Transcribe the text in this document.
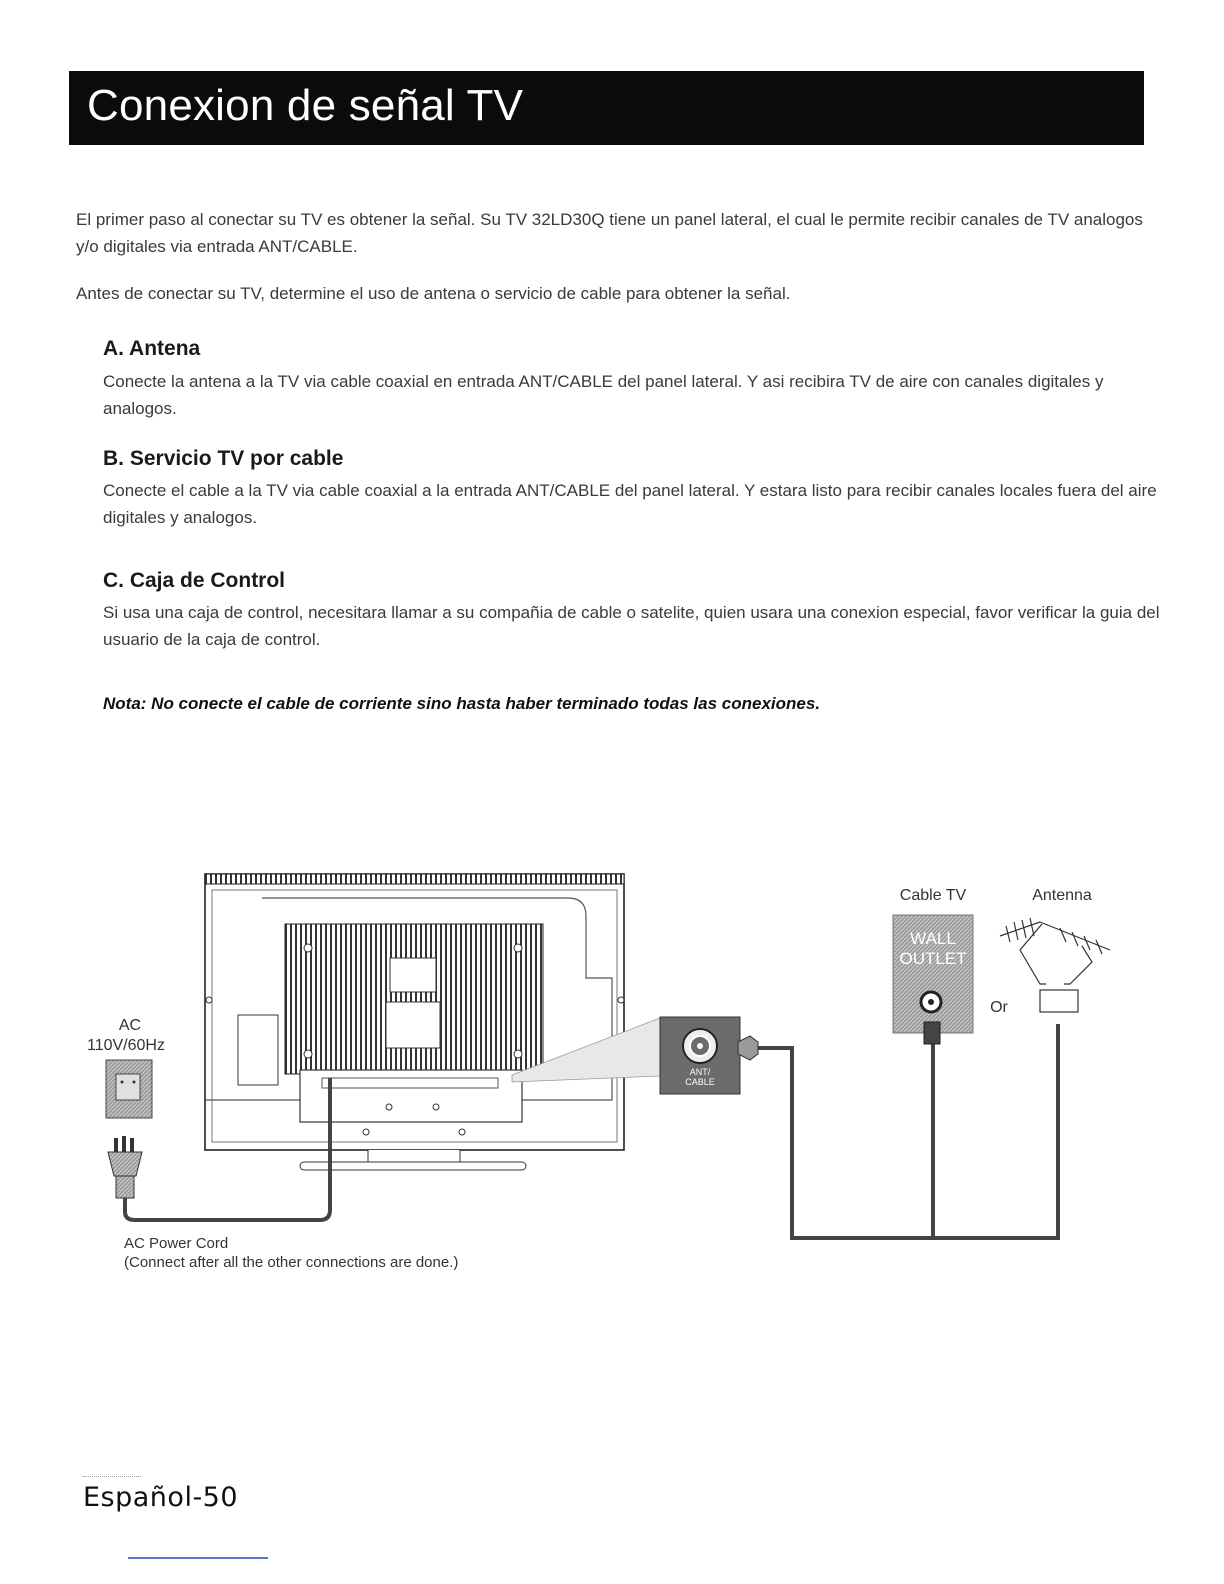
Conexion de señal TV

El primer paso al conectar su TV es obtener la señal. Su TV 32LD30Q tiene un panel lateral, el cual le permite recibir canales de TV analogos y/o digitales via entrada ANT/CABLE.

Antes de conectar su TV, determine el uso de antena o servicio de cable para obtener la señal.

A. Antena

Conecte la antena a la TV via cable coaxial en entrada ANT/CABLE del panel lateral. Y asi recibira TV de aire con canales digitales y analogos.

B. Servicio TV por cable

Conecte el cable a la TV via cable coaxial a la entrada ANT/CABLE del panel lateral. Y estara listo para recibir canales locales fuera del aire digitales y analogos.

C. Caja de Control

Si usa una caja de control, necesitara llamar a su compañia de cable o satelite, quien usara una conexion especial, favor verificar la guia del usuario de la caja de control.

Nota: No conecte el cable de corriente sino hasta haber terminado todas las conexiones.

AC
110V/60Hz
AC Power Cord
(Connect after all the other connections are done.)
ANT/
CABLE
Cable TV
WALL
OUTLET
Or
Antenna

Español-50
